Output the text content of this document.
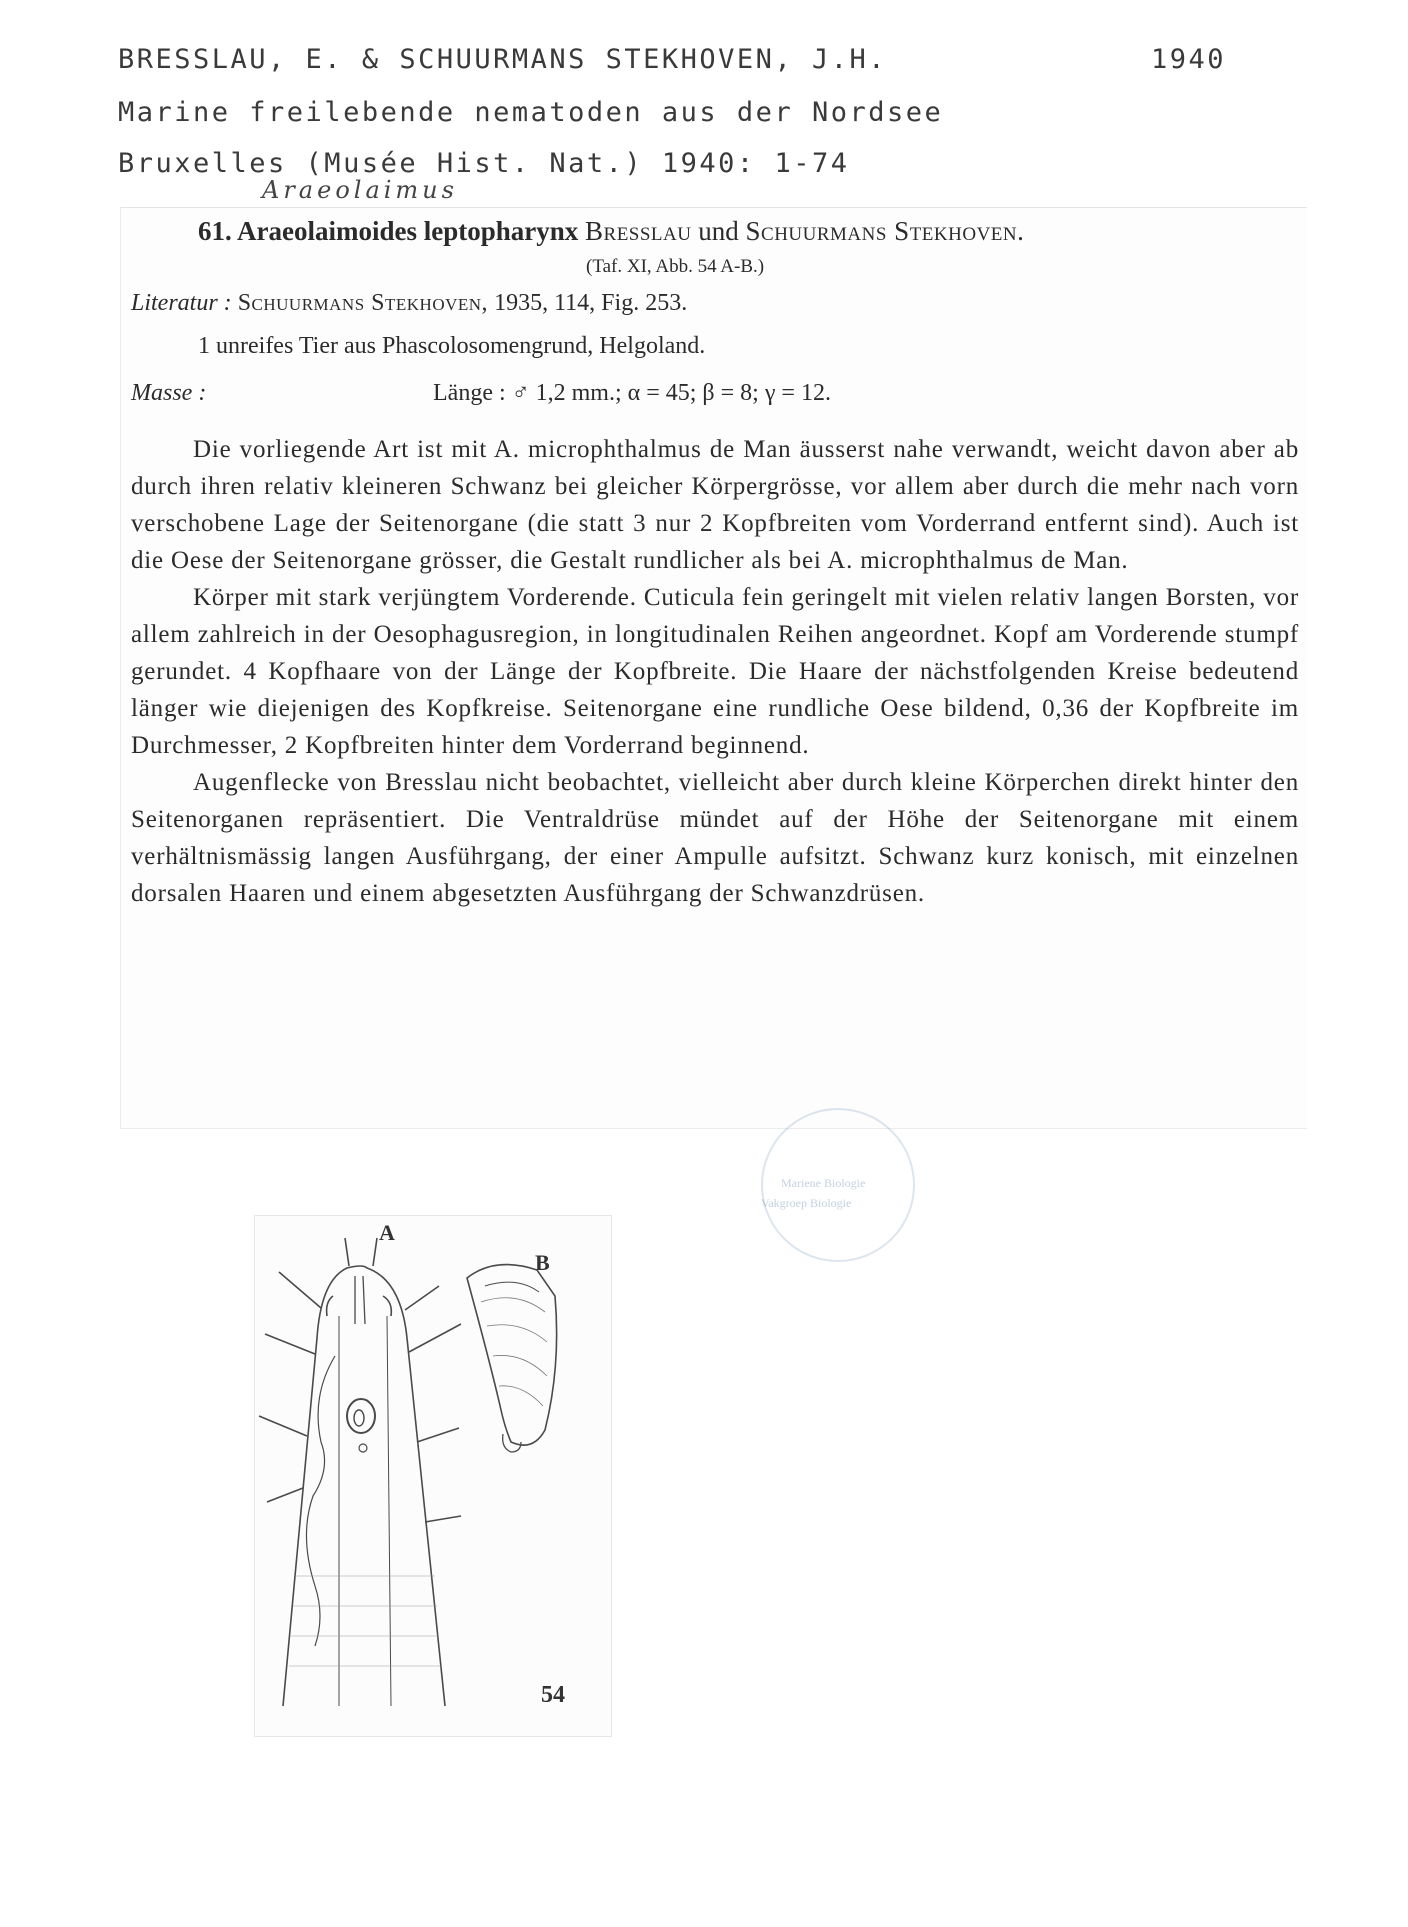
BRESSLAU, E. & SCHUURMANS STEKHOVEN, J.H.	1940
Marine freilebende nematoden aus der Nordsee
Bruxelles (Musée Hist. Nat.) 1940: 1-74
Araeolaimus
61. Araeolaimoides leptopharynx Bresslau und Schuurmans Stekhoven.
(Taf. XI, Abb. 54 A-B.)
Literatur : Schuurmans Stekhoven, 1935, 114, Fig. 253.
1 unreifes Tier aus Phascolosomengrund, Helgoland.
Masse :	Länge : ♂ 1,2 mm.; α = 45; β = 8; γ = 12.

Die vorliegende Art ist mit A. microphthalmus de Man äusserst nahe verwandt, weicht davon aber ab durch ihren relativ kleineren Schwanz bei gleicher Körpergrösse, vor allem aber durch die mehr nach vorn verschobene Lage der Seitenorgane (die statt 3 nur 2 Kopfbreiten vom Vorderrand entfernt sind). Auch ist die Oese der Seitenorgane grösser, die Gestalt rundlicher als bei A. microphthalmus de Man.

Körper mit stark verjüngtem Vorderende. Cuticula fein geringelt mit vielen relativ langen Borsten, vor allem zahlreich in der Oesophagusregion, in longitudinalen Reihen angeordnet. Kopf am Vorderende stumpf gerundet. 4 Kopfhaare von der Länge der Kopfbreite. Die Haare der nächstfolgenden Kreise bedeutend länger wie diejenigen des Kopfkreise. Seitenorgane eine rundliche Oese bildend, 0,36 der Kopfbreite im Durchmesser, 2 Kopfbreiten hinter dem Vorderrand beginnend.

Augenflecke von Bresslau nicht beobachtet, vielleicht aber durch kleine Körperchen direkt hinter den Seitenorganen repräsentiert. Die Ventraldrüse mündet auf der Höhe der Seitenorgane mit einem verhältnismässig langen Ausführgang, der einer Ampulle aufsitzt. Schwanz kurz konisch, mit einzelnen dorsalen Haaren und einem abgesetzten Ausführgang der Schwanzdrüsen.

Mariene Biologie
Vakgroep Biologie
A
B
54
